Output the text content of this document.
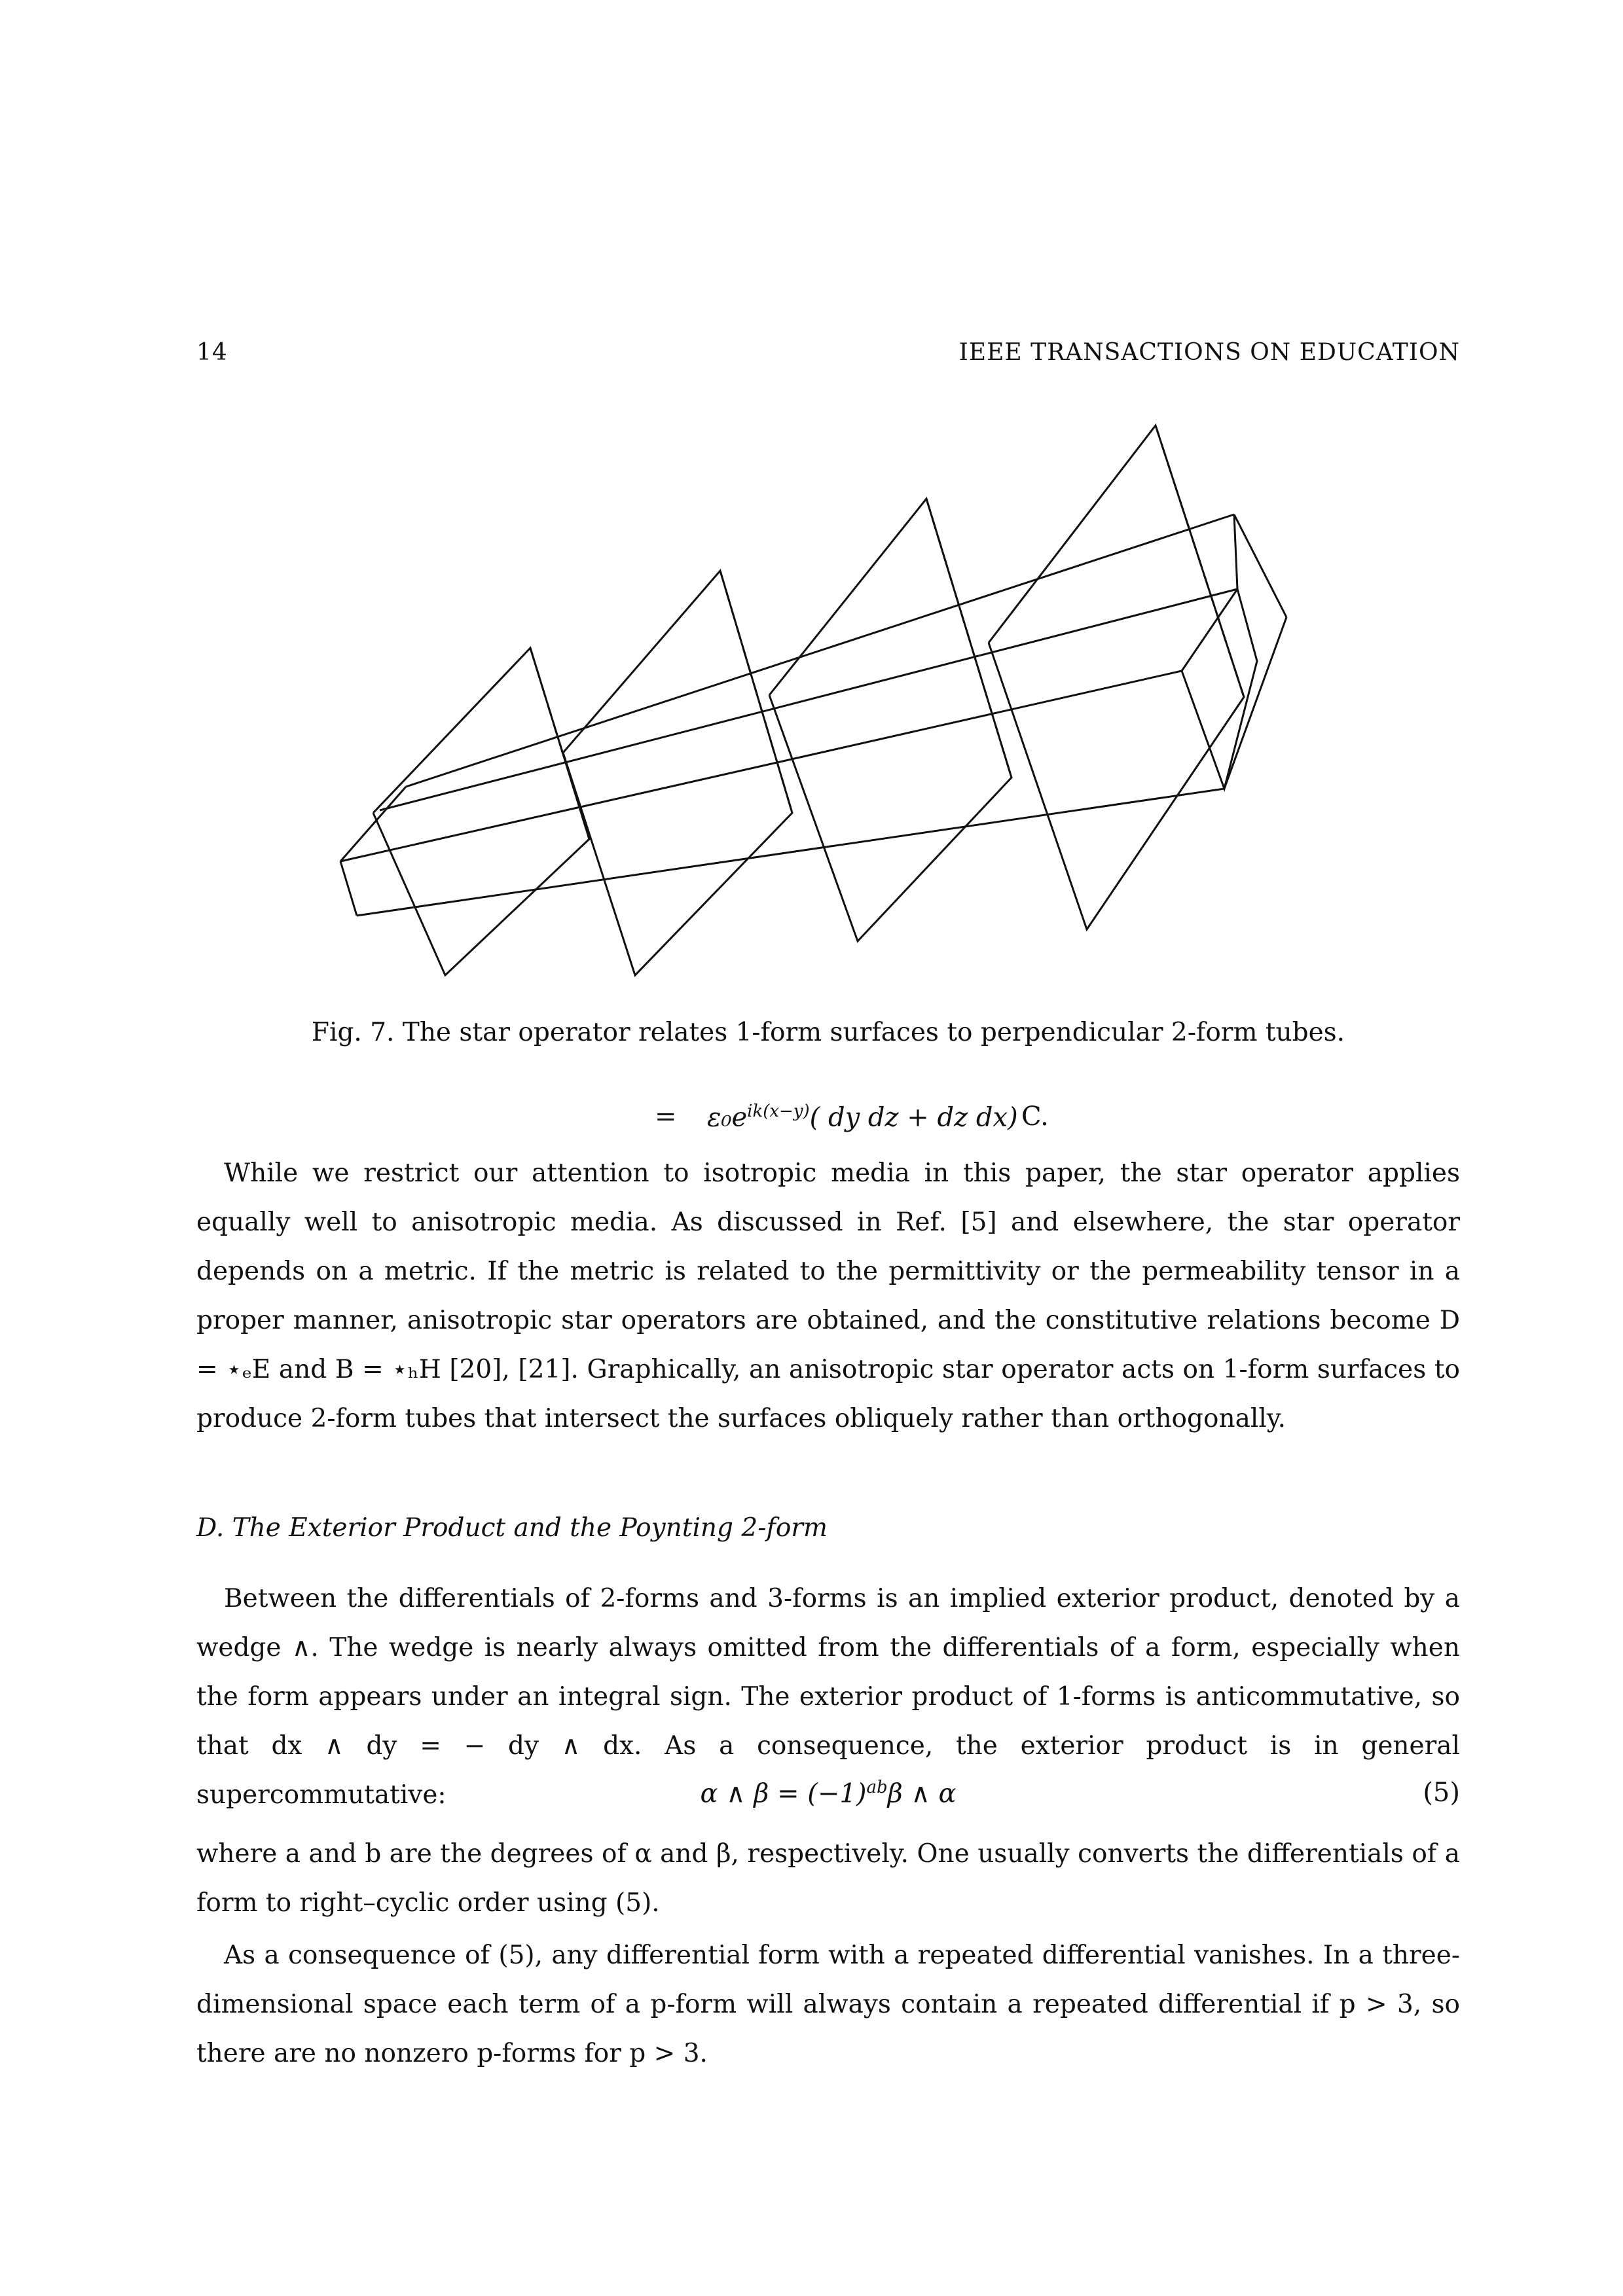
14	IEEE TRANSACTIONS ON EDUCATION
Fig. 7. The star operator relates 1-form surfaces to perpendicular 2-form tubes.
= $\varepsilon_0e^{ik(x-y)}$( dy dz + dz dx) C.
While we restrict our attention to isotropic media in this paper, the star operator applies equally well to anisotropic media. As discussed in Ref. [5] and elsewhere, the star operator depends on a metric. If the metric is related to the permittivity or the permeability tensor in a proper manner, anisotropic star operators are obtained, and the constitutive relations become D = ⋆ₑE and B = ⋆ₕH [20], [21]. Graphically, an anisotropic star operator acts on 1-form surfaces to produce 2-form tubes that intersect the surfaces obliquely rather than orthogonally.
D. The Exterior Product and the Poynting 2-form
Between the differentials of 2-forms and 3-forms is an implied exterior product, denoted by a wedge ∧. The wedge is nearly always omitted from the differentials of a form, especially when the form appears under an integral sign. The exterior product of 1-forms is anticommutative, so that dx ∧ dy = − dy ∧ dx. As a consequence, the exterior product is in general supercommutative:	α ∧ $\beta = (-1)^{ab}\beta$ ∧ α	(5)
where a and b are the degrees of α and β, respectively. One usually converts the differentials of a form to right–cyclic order using (5).
As a consequence of (5), any differential form with a repeated differential vanishes. In a three-dimensional space each term of a p-form will always contain a repeated differential if p > 3, so there are no nonzero p-forms for p > 3.
